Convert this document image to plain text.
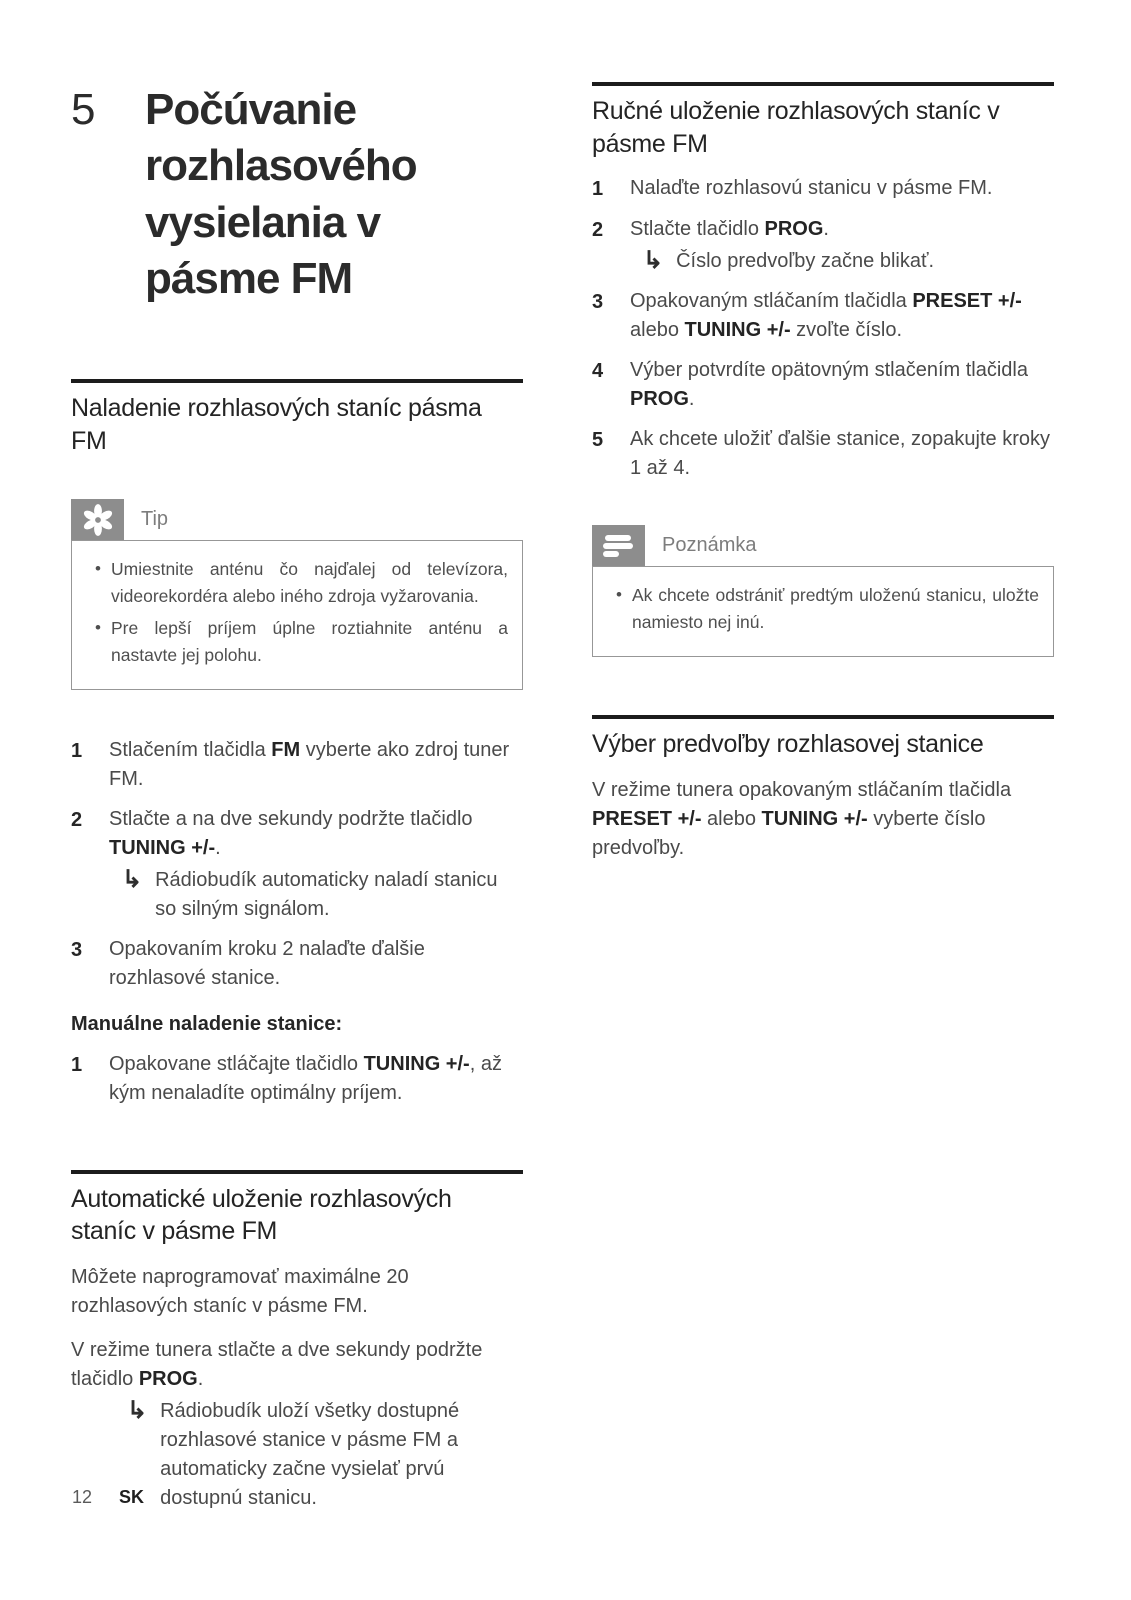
5	Počúvanie rozhlasového vysielania v pásme FM
Naladenie rozhlasových staníc pásma FM
Tip
• Umiestnite anténu čo najďalej od televízora, videorekordéra alebo iného zdroja vyžarovania.
• Pre lepší príjem úplne roztiahnite anténu a nastavte jej polohu.
1	Stlačením tlačidla FM vyberte ako zdroj tuner FM.

2	Stlačte a na dve sekundy podržte tlačidlo TUNING +/-.

↳ Rádiobudík automaticky naladí stanicu so silným signálom.
3	Opakovaním kroku 2 nalaďte ďalšie rozhlasové stanice.

Manuálne naladenie stanice:

1	Opakovane stláčajte tlačidlo TUNING +/-, až kým nenaladíte optimálny príjem.

Automatické uloženie rozhlasových staníc v pásme FM

Môžete naprogramovať maximálne 20 rozhlasových staníc v pásme FM.

V režime tunera stlačte a dve sekundy podržte tlačidlo PROG.

↳ Rádiobudík uloží všetky dostupné rozhlasové stanice v pásme FM a automaticky začne vysielať prvú dostupnú stanicu.
Ručné uloženie rozhlasových staníc v pásme FM
1	Nalaďte rozhlasovú stanicu v pásme FM.

2	Stlačte tlačidlo PROG.

↳ Číslo predvoľby začne blikať.
3	Opakovaným stláčaním tlačidla PRESET +/- alebo TUNING +/- zvoľte číslo.

4	Výber potvrdíte opätovným stlačením tlačidla PROG.

5	Ak chcete uložiť ďalšie stanice, zopakujte kroky 1 až 4.

Poznámka
• Ak chcete odstrániť predtým uloženú stanicu, uložte namiesto nej inú.
Výber predvoľby rozhlasovej stanice

V režime tunera opakovaným stláčaním tlačidla PRESET +/- alebo TUNING +/- vyberte číslo predvoľby.

12 SK
